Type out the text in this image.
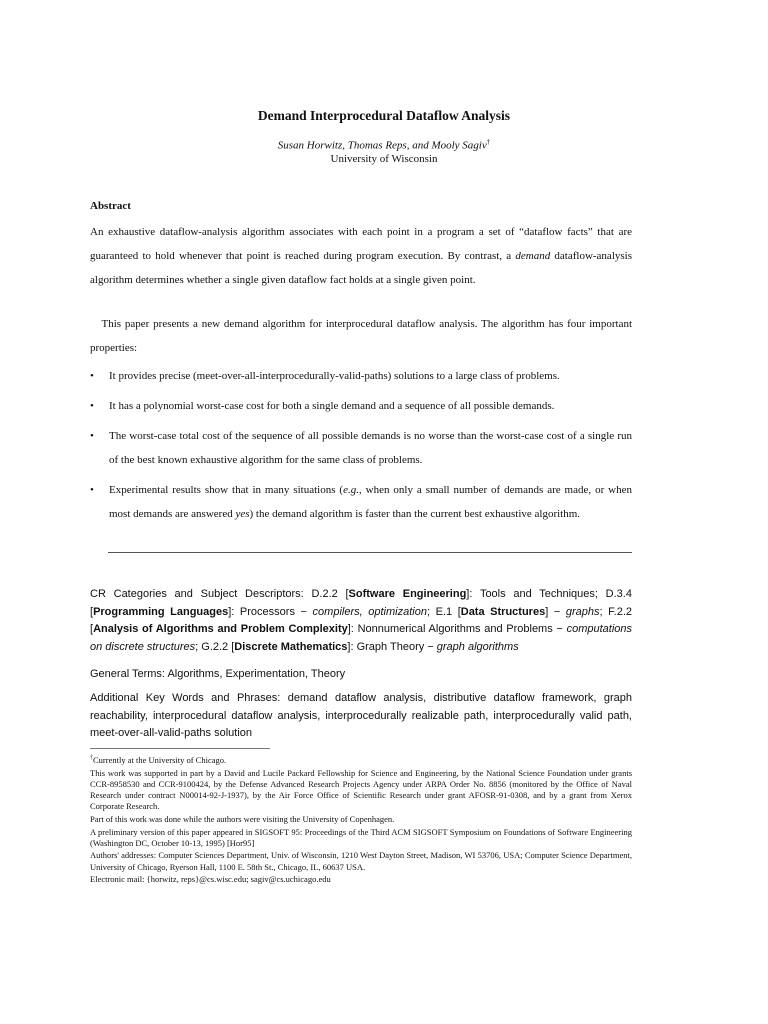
Demand Interprocedural Dataflow Analysis
Susan Horwitz, Thomas Reps, and Mooly Sagiv†
University of Wisconsin
Abstract
An exhaustive dataflow-analysis algorithm associates with each point in a program a set of “dataflow facts” that are guaranteed to hold whenever that point is reached during program execution. By contrast, a demand dataflow-analysis algorithm determines whether a single given dataflow fact holds at a single given point.
This paper presents a new demand algorithm for interprocedural dataflow analysis. The algorithm has four important properties:
• It provides precise (meet-over-all-interprocedurally-valid-paths) solutions to a large class of problems.
• It has a polynomial worst-case cost for both a single demand and a sequence of all possible demands.
• The worst-case total cost of the sequence of all possible demands is no worse than the worst-case cost of a single run of the best known exhaustive algorithm for the same class of problems.
• Experimental results show that in many situations (e.g., when only a small number of demands are made, or when most demands are answered yes) the demand algorithm is faster than the current best exhaustive algorithm.
CR Categories and Subject Descriptors: D.2.2 [Software Engineering]: Tools and Techniques; D.3.4 [Programming Languages]: Processors − compilers, optimization; E.1 [Data Structures] − graphs; F.2.2 [Analysis of Algorithms and Problem Complexity]: Nonnumerical Algorithms and Problems − computations on discrete structures; G.2.2 [Discrete Mathematics]: Graph Theory − graph algorithms
General Terms: Algorithms, Experimentation, Theory
Additional Key Words and Phrases: demand dataflow analysis, distributive dataflow framework, graph reachability, interprocedural dataflow analysis, interprocedurally realizable path, interprocedurally valid path, meet-over-all-valid-paths solution

†Currently at the University of Chicago.

This work was supported in part by a David and Lucile Packard Fellowship for Science and Engineering, by the National Science Foundation under grants CCR-8958530 and CCR-9100424, by the Defense Advanced Research Projects Agency under ARPA Order No. 8856 (monitored by the Office of Naval Research under contract N00014-92-J-1937), by the Air Force Office of Scientific Research under grant AFOSR-91-0308, and by a grant from Xerox Corporate Research.

Part of this work was done while the authors were visiting the University of Copenhagen.

A preliminary version of this paper appeared in SIGSOFT 95: Proceedings of the Third ACM SIGSOFT Symposium on Foundations of Software Engineering (Washington DC, October 10-13, 1995) [Hor95]

Authors' addresses: Computer Sciences Department, Univ. of Wisconsin, 1210 West Dayton Street, Madison, WI 53706, USA; Computer Science Department, University of Chicago, Ryerson Hall, 1100 E. 58th St., Chicago, IL, 60637 USA.

Electronic mail: {horwitz, reps}@cs.wisc.edu; sagiv@cs.uchicago.edu
